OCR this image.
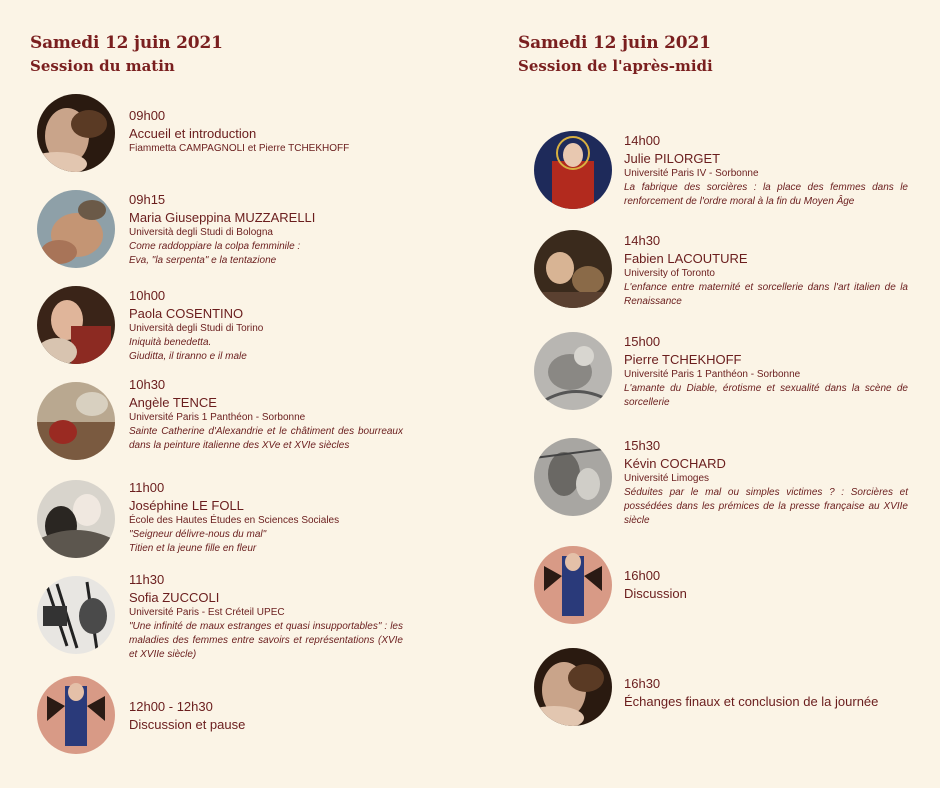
Samedi 12 juin 2021
Session du matin
09h00
Accueil et introduction
Fiammetta CAMPAGNOLI et Pierre TCHEKHOFF
09h15
Maria Giuseppina MUZZARELLI
Università degli Studi di Bologna
Come raddoppiare la colpa femminile :
Eva, "la serpenta" e la tentazione
10h00
Paola COSENTINO
Università degli Studi di Torino
Iniquità benedetta.
Giuditta, il tiranno e il male
10h30
Angèle TENCE
Université Paris 1 Panthéon - Sorbonne
Sainte Catherine d'Alexandrie et le châtiment des bourreaux dans la peinture italienne des XVe et XVIe siècles
11h00
Joséphine LE FOLL
École des Hautes Études en Sciences Sociales
"Seigneur délivre-nous du mal"
Titien et la jeune fille en fleur
11h30
Sofia ZUCCOLI
Université Paris - Est Créteil UPEC
"Une infinité de maux estranges et quasi insupportables" : les maladies des femmes entre savoirs et représentations (XVIe et XVIIe siècle)
12h00 - 12h30
Discussion et pause
Samedi 12 juin 2021
Session de l'après-midi
14h00
Julie PILORGET
Université Paris IV - Sorbonne
La fabrique des sorcières : la place des femmes dans le renforcement de l'ordre moral à la fin du Moyen Âge
14h30
Fabien LACOUTURE
University of Toronto
L'enfance entre maternité et sorcellerie dans l'art italien de la Renaissance
15h00
Pierre TCHEKHOFF
Université Paris 1 Panthéon - Sorbonne
L'amante du Diable, érotisme et sexualité dans la scène de sorcellerie
15h30
Kévin COCHARD
Université Limoges
Séduites par le mal ou simples victimes ? : Sorcières et possédées dans les prémices de la presse française au XVIIe siècle
16h00
Discussion
16h30
Échanges finaux et conclusion de la journée
